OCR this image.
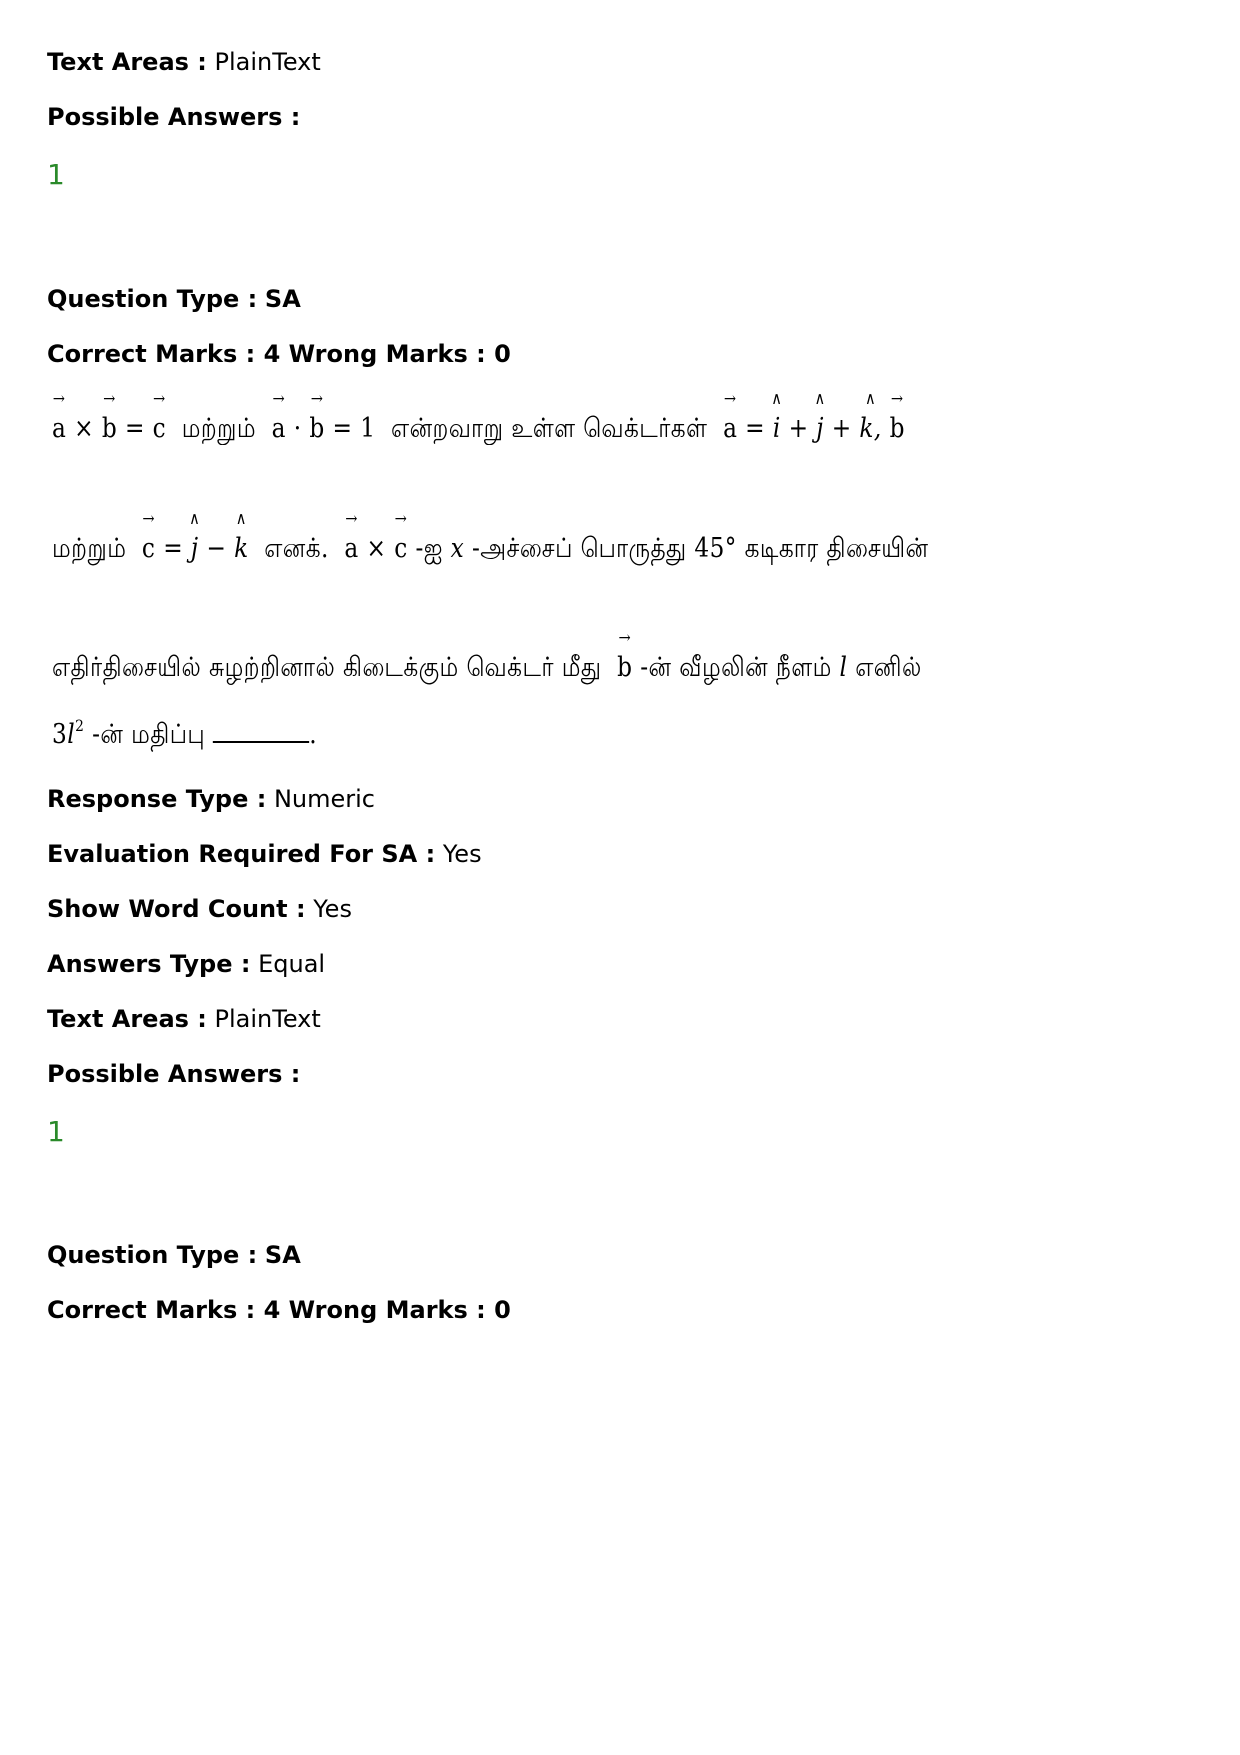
Text Areas : PlainText
Possible Answers :
1
Question Type : SA
Correct Marks : 4 Wrong Marks : 0
→
a ×
→
b =
→
c மற்றும்
→
a ·
→
b = 1 என்றவாறு உள்ள வெக்டர்கள்
→
a =
∧
i +
∧
j +
∧
k,
→
b
மற்றும்
→
c =
∧
j −
∧
k எனக்.
→
a ×
→
c -ஐ x -அச்சைப் பொருத்து 45° கடிகார திசையின்
எதிர்திசையில் சுழற்றினால் கிடைக்கும் வெக்டர் மீது
→
b -ன் வீழலின் நீளம் l எனில்
$3l^2$ -ன் மதிப்பு	.
Response Type : Numeric
Evaluation Required For SA : Yes
Show Word Count : Yes
Answers Type : Equal
Text Areas : PlainText
Possible Answers :
1
Question Type : SA
Correct Marks : 4 Wrong Marks : 0
